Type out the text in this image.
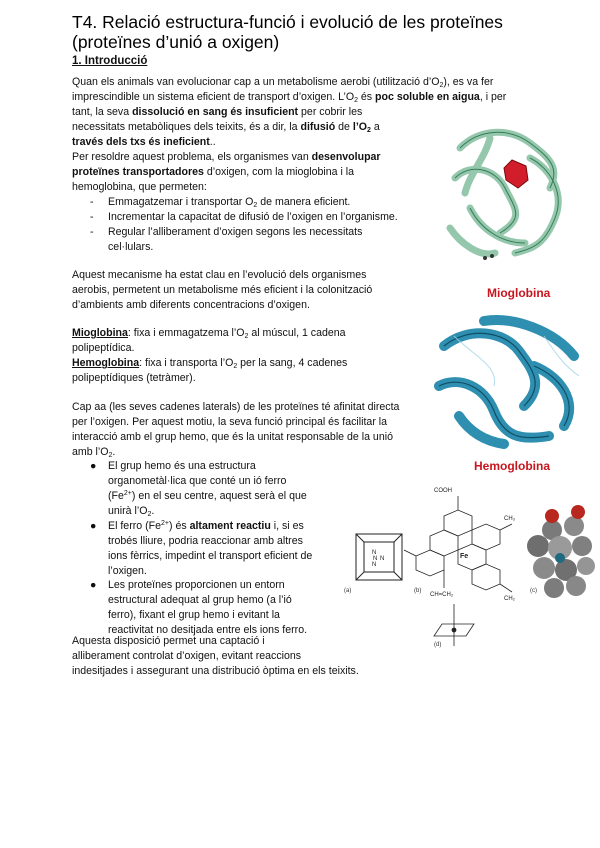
T4. Relació estructura-funció i evolució de les proteïnes
(proteïnes d’unió a oxigen)
1. Introducció
Quan els animals van evolucionar cap a un metabolisme aerobi (utilització $d’O_2$), es va fer
imprescindible un sistema eficient de transport d’oxigen. $L’O_2$ és poc soluble en aigua, i per
tant, la seva dissolució en sang és insuficient per cobrir les
necessitats metabòliques dels teixits, és a dir, la difusió de $l’O_2$ a
través dels txs és ineficient..
Per resoldre aquest problema, els organismes van desenvolupar
proteïnes transportadores d’oxigen, com la mioglobina i la
hemoglobina, que permeten:
- Emmagatzemar i transportar $O_2$ de manera eficient.
- Incrementar la capacitat de difusió de l’oxigen en l’organisme.
- Regular l’alliberament d’oxigen segons les necessitats
cel·lulars.
Aquest mecanisme ha estat clau en l’evolució dels organismes
aerobis, permetent un metabolisme més eficient i la colonització
d’ambients amb diferents concentracions d’oxigen.
Mioglobina: fixa i emmagatzema $l’O_2$ al múscul, 1 cadena
polipeptídica.
Hemoglobina: fixa i transporta $l’O_2$ per la sang, 4 cadenes
polipeptídiques (tetràmer).
Cap aa (les seves cadenes laterals) de les proteïnes té afinitat directa
per l’oxigen. Per aquest motiu, la seva funció principal és facilitar la
interacció amb el grup hemo, que és la unitat responsable de la unió
amb $l’O_2$.
● El grup hemo és una estructura
organometàl·lica que conté un ió ferro
$(Fe^{2+})$ en el seu centre, aquest serà el que
unirà $l’O_2$.
● El ferro $(Fe^{2+})$ és altament reactiu i, si es
trobés lliure, podria reaccionar amb altres
ions fèrrics, impedint el transport eficient de
l’oxigen.
● Les proteïnes proporcionen un entorn
estructural adequat al grup hemo (a l’ió
ferro), fixant el grup hemo i evitant la
reactivitat no desitjada entre els ions ferro.
Aquesta disposició permet una captació i
alliberament controlat d’oxigen, evitant reaccions
indesitjades i assegurant una distribució òptima en els teixits.
Mioglobina
Hemoglobina
N
N
N
N
(a)
COOH
CH₃
CH₂
CH=CH₂
Fe
(b)	(c)
(d)
